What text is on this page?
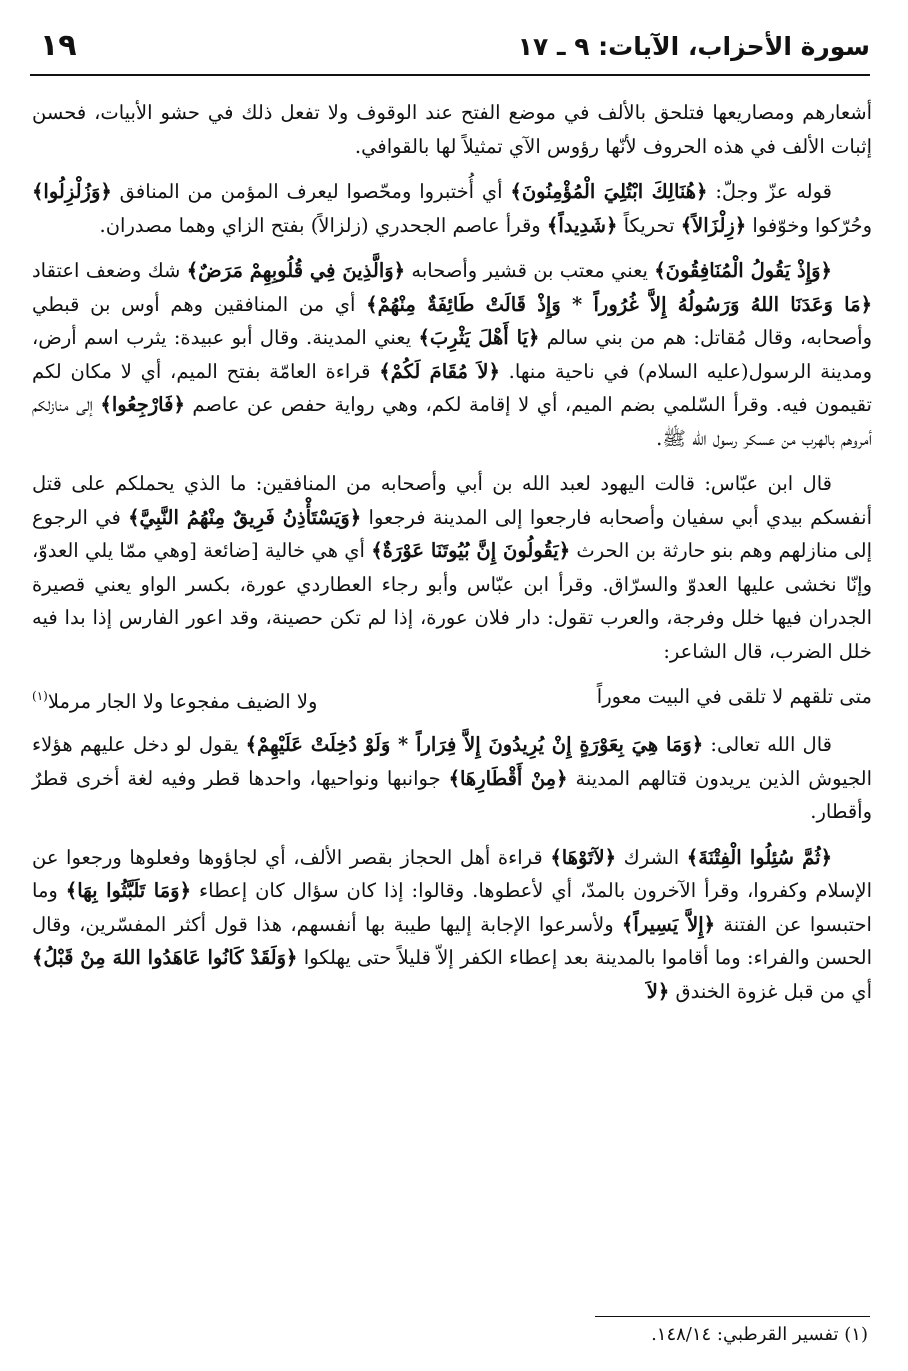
١٩	سورة الأحزاب، الآيات: ٩ ـ ١٧

أشعارهم ومصاريعها فتلحق بالألف في موضع الفتح عند الوقوف ولا تفعل ذلك في حشو الأبيات، فحسن إثبات الألف في هذه الحروف لأنّها رؤوس الآي تمثيلاً لها بالقوافي.

قوله عزّ وجلّ: ﴿هُنَالِكَ ابْتُلِيَ الْمُؤْمِنُونَ﴾ أي أُختبروا ومحّصوا ليعرف المؤمن من المنافق ﴿وَزُلْزِلُوا﴾ وحُرّكوا وخوّفوا ﴿زِلْزَالاً﴾ تحريكاً ﴿شَدِيداً﴾ وقرأ عاصم الجحدري (زلزالاً) بفتح الزاي وهما مصدران.

﴿وَإِذْ يَقُولُ الْمُنَافِقُونَ﴾ يعني معتب بن قشير وأصحابه ﴿وَالَّذِينَ فِي قُلُوبِهِمْ مَرَضٌ﴾ شك وضعف اعتقاد ﴿مَا وَعَدَنَا اللهُ وَرَسُولُهُ إِلاَّ غُرُوراً * وَإِذْ قَالَتْ طَائِفَةٌ مِنْهُمْ﴾ أي من المنافقين وهم أوس بن قبطي وأصحابه، وقال مُقاتل: هم من بني سالم ﴿يَا أَهْلَ يَثْرِبَ﴾ يعني المدينة. وقال أبو عبيدة: يثرب اسم أرض، ومدينة الرسول(عليه السلام) في ناحية منها. ﴿لاَ مُقَامَ لَكُمْ﴾ قراءة العامّة بفتح الميم، أي لا مكان لكم تقيمون فيه. وقرأ السّلمي بضم الميم، أي لا إقامة لكم، وهي رواية حفص عن عاصم ﴿فَارْجِعُوا﴾ إلى منازلكم أمروهم بالهرب من عسكر رسول الله ﷺ.

قال ابن عبّاس: قالت اليهود لعبد الله بن أبي وأصحابه من المنافقين: ما الذي يحملكم على قتل أنفسكم بيدي أبي سفيان وأصحابه فارجعوا إلى المدينة فرجعوا ﴿وَيَسْتَأْذِنُ فَرِيقٌ مِنْهُمُ النَّبِيَّ﴾ في الرجوع إلى منازلهم وهم بنو حارثة بن الحرث ﴿يَقُولُونَ إِنَّ بُيُوتَنَا عَوْرَةٌ﴾ أي هي خالية [ضائعة [وهي ممّا يلي العدوّ، وإنّا نخشى عليها العدوّ والسرّاق. وقرأ ابن عبّاس وأبو رجاء العطاردي عورة، بكسر الواو يعني قصيرة الجدران فيها خلل وفرجة، والعرب تقول: دار فلان عورة، إذا لم تكن حصينة، وقد اعور الفارس إذا بدا فيه خلل الضرب، قال الشاعر:

متى تلقهم لا تلقى في البيت معوراً
ولا الضيف مفجوعا ولا الجار مرملا$^{(١)}$

قال الله تعالى: ﴿وَمَا هِيَ بِعَوْرَةٍ إِنْ يُرِيدُونَ إِلاَّ فِرَاراً * وَلَوْ دُخِلَتْ عَلَيْهِمْ﴾ يقول لو دخل عليهم هؤلاء الجيوش الذين يريدون قتالهم المدينة ﴿مِنْ أَقْطَارِهَا﴾ جوانبها ونواحيها، واحدها قطر وفيه لغة أخرى قطرٌ وأقطار.

﴿ثُمَّ سُئِلُوا الْفِتْنَةَ﴾ الشرك ﴿لآتَوْهَا﴾ قراءة أهل الحجاز بقصر الألف، أي لجاؤوها وفعلوها ورجعوا عن الإسلام وكفروا، وقرأ الآخرون بالمدّ، أي لأعطوها. وقالوا: إذا كان سؤال كان إعطاء ﴿وَمَا تَلَبَّثُوا بِهَا﴾ وما احتبسوا عن الفتنة ﴿إِلاَّ يَسِيراً﴾ ولأسرعوا الإجابة إليها طيبة بها أنفسهم، هذا قول أكثر المفسّرين، وقال الحسن والفراء: وما أقاموا بالمدينة بعد إعطاء الكفر إلاّ قليلاً حتى يهلكوا ﴿وَلَقَدْ كَانُوا عَاهَدُوا اللهَ مِنْ قَبْلُ﴾ أي من قبل غزوة الخندق ﴿لاَ

(١) تفسير القرطبي: ١٤٨/١٤.
